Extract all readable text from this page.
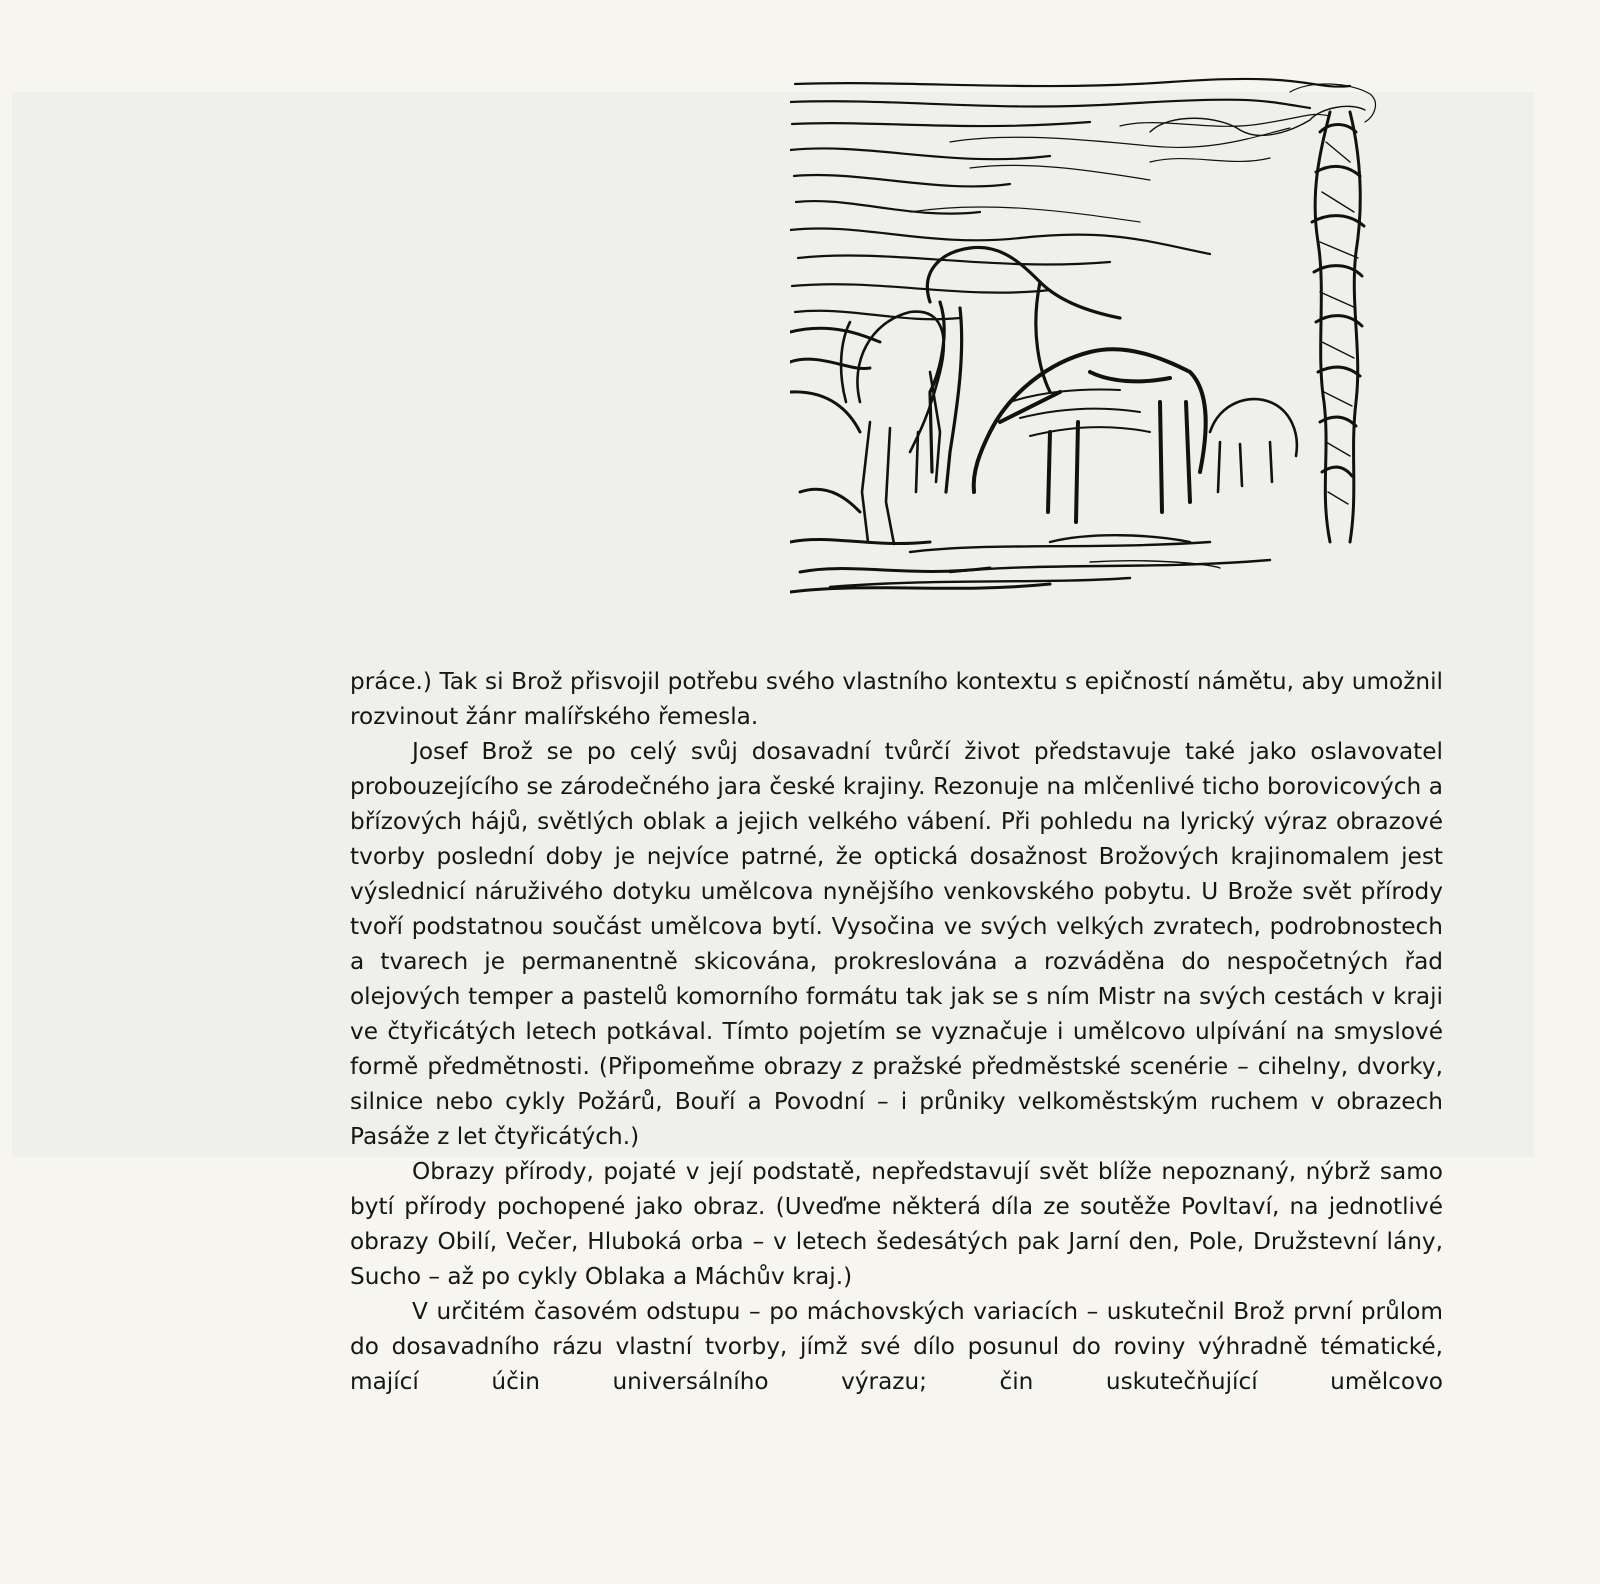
práce.) Tak si Brož přisvojil potřebu svého vlastního kontextu s epičností námětu, aby umožnil rozvinout žánr malířského řemesla.

Josef Brož se po celý svůj dosavadní tvůrčí život představuje také jako oslavovatel probouzejícího se zárodečného jara české krajiny. Rezonuje na mlčenlivé ticho borovicových a břízových hájů, světlých oblak a jejich velkého vábení. Při pohledu na lyrický výraz obrazové tvorby poslední doby je nejvíce patrné, že optická dosažnost Brožových krajinomalem jest výslednicí náruživého dotyku umělcova nynějšího venkovského pobytu. U Brože svět přírody tvoří podstatnou součást umělcova bytí. Vysočina ve svých velkých zvratech, podrobnostech a tvarech je permanentně skicována, prokreslována a rozváděna do nespočetných řad olejových temper a pastelů komorního formátu tak jak se s ním Mistr na svých cestách v kraji ve čtyřicátých letech potkával. Tímto pojetím se vyznačuje i umělcovo ulpívání na smyslové formě předmětnosti. (Připomeňme obrazy z pražské předměstské scenérie – cihelny, dvorky, silnice nebo cykly Požárů, Bouří a Povodní – i průniky velkoměstským ruchem v obrazech Pasáže z let čtyřicátých.)

Obrazy přírody, pojaté v její podstatě, nepředstavují svět blíže nepoznaný, nýbrž samo bytí přírody pochopené jako obraz. (Uveďme některá díla ze soutěže Povltaví, na jednotlivé obrazy Obilí, Večer, Hluboká orba – v letech šedesátých pak Jarní den, Pole, Družstevní lány, Sucho – až po cykly Oblaka a Máchův kraj.)

V určitém časovém odstupu – po máchovských variacích – uskutečnil Brož první průlom do dosavadního rázu vlastní tvorby, jímž své dílo posunul do roviny výhradně tématické, mající účin universálního výrazu; čin uskutečňující umělcovo
